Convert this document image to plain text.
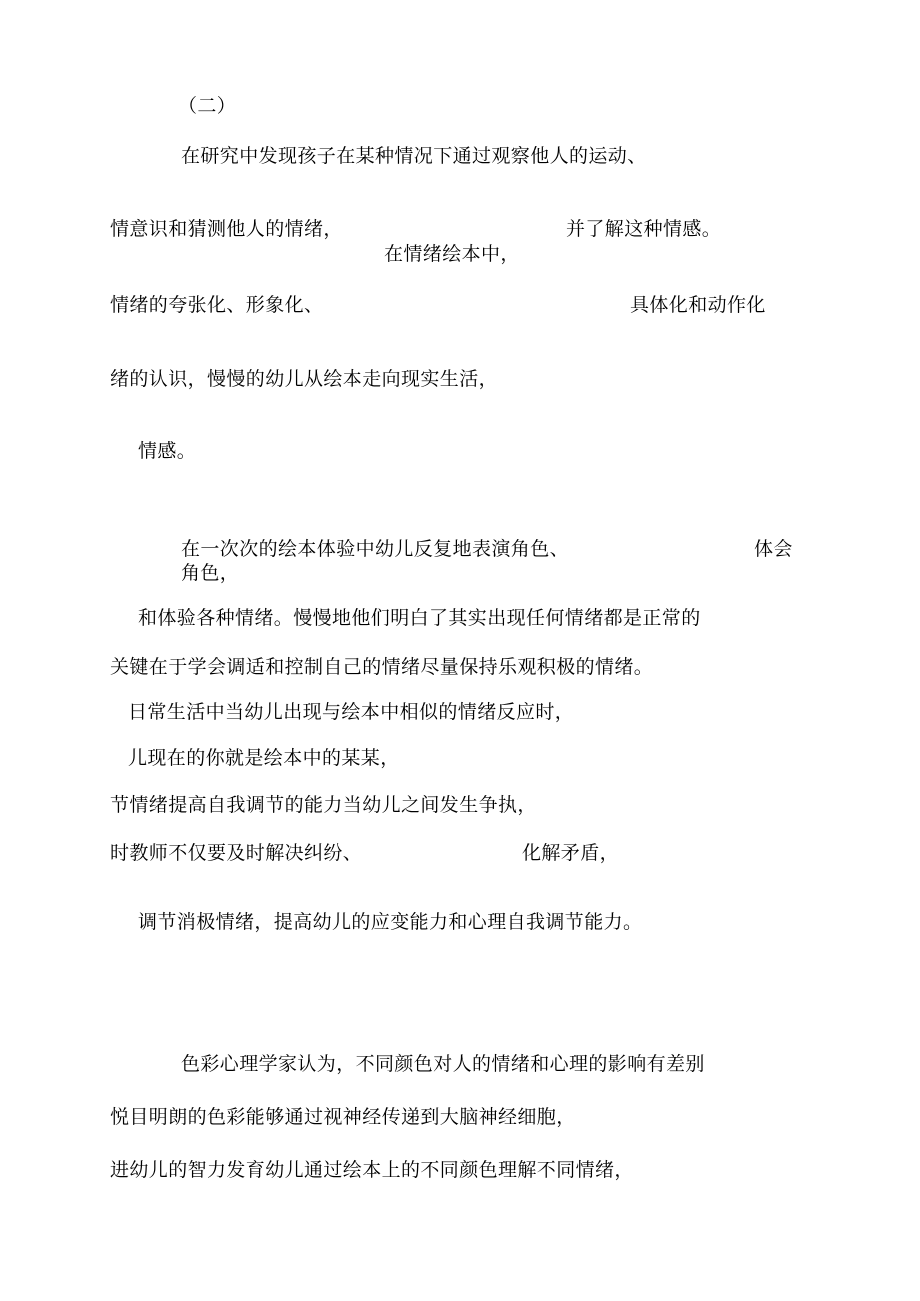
（二）
在研究中发现孩子在某种情况下通过观察他人的运动、
情意识和猜测他人的情绪，	并了解这种情感。
在情绪绘本中，
情绪的夸张化、形象化、	具体化和动作化
绪的认识，慢慢的幼儿从绘本走向现实生活，
情感。
在一次次的绘本体验中幼儿反复地表演角色、	体会
角色，
和体验各种情绪。慢慢地他们明白了其实出现任何情绪都是正常的
关键在于学会调适和控制自己的情绪尽量保持乐观积极的情绪。
日常生活中当幼儿出现与绘本中相似的情绪反应时，
儿现在的你就是绘本中的某某，
节情绪提高自我调节的能力当幼儿之间发生争执，
时教师不仅要及时解决纠纷、	化解矛盾，
调节消极情绪，提高幼儿的应变能力和心理自我调节能力。
色彩心理学家认为，不同颜色对人的情绪和心理的影响有差别
悦目明朗的色彩能够通过视神经传递到大脑神经细胞，
进幼儿的智力发育幼儿通过绘本上的不同颜色理解不同情绪，
